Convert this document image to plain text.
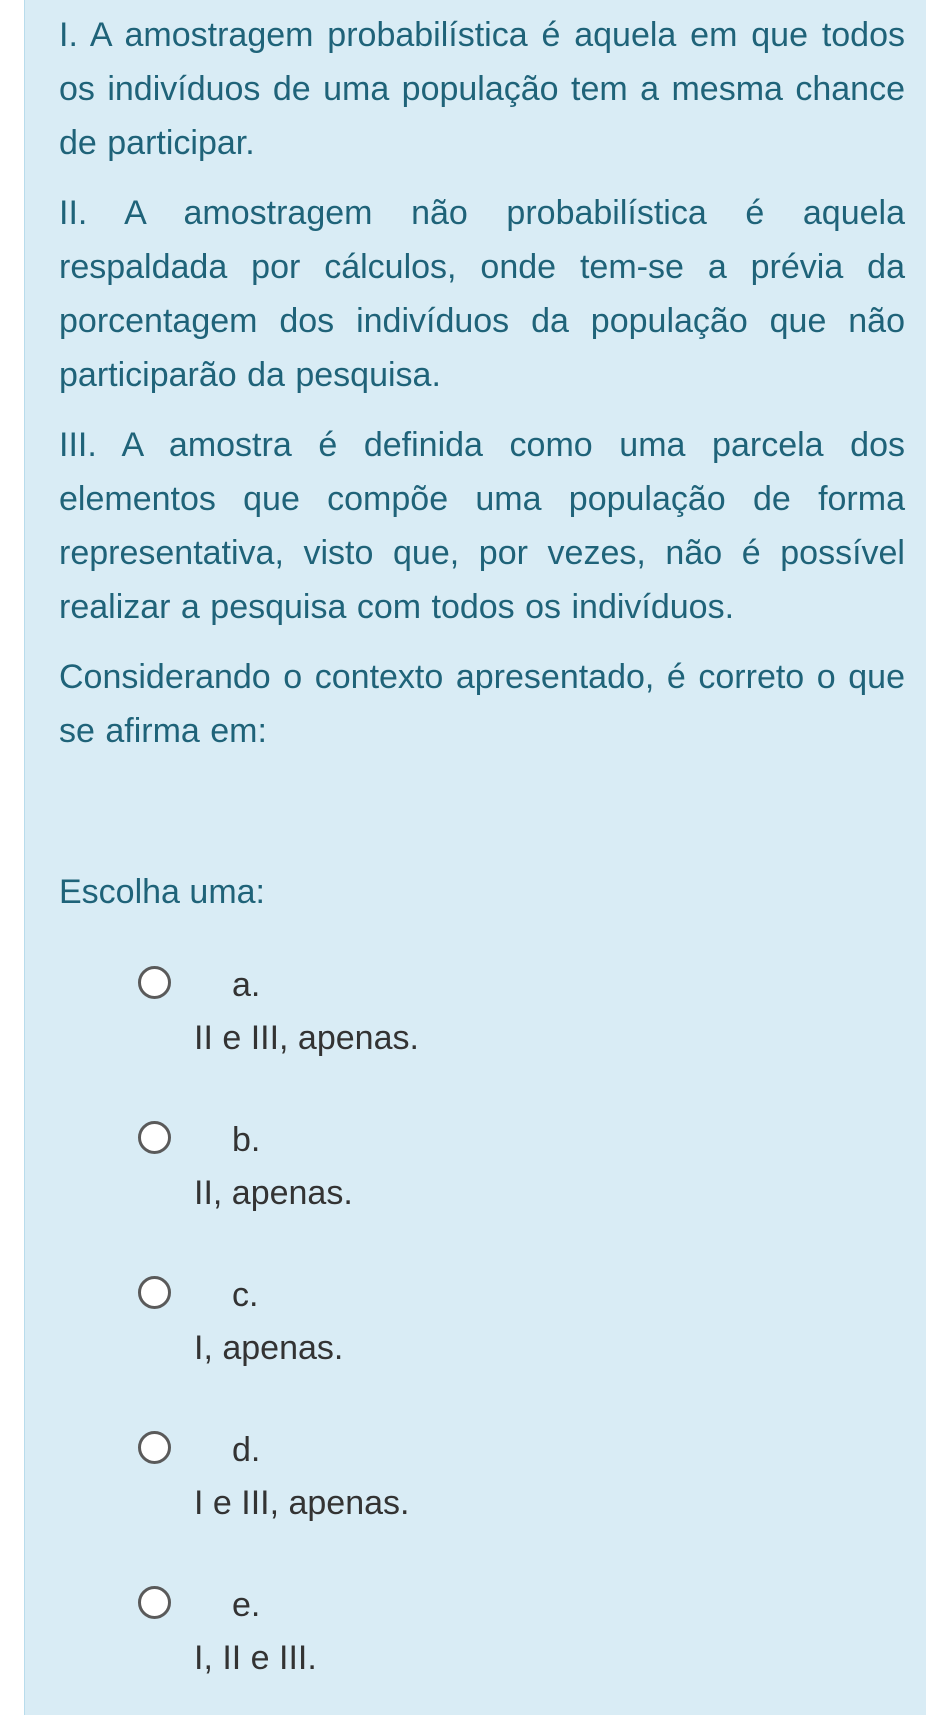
I. A amostragem probabilística é aquela em que todos os indivíduos de uma população tem a mesma chance de participar.

II. A amostragem não probabilística é aquela respaldada por cálculos, onde tem-se a prévia da porcentagem dos indivíduos da população que não participarão da pesquisa.

III. A amostra é definida como uma parcela dos elementos que compõe uma população de forma representativa, visto que, por vezes, não é possível realizar a pesquisa com todos os indivíduos.

Considerando o contexto apresentado, é correto o que se afirma em:

Escolha uma:
a.
II e III, apenas.
b.
II, apenas.
c.
I, apenas.
d.
I e III, apenas.
e.
I, II e III.
